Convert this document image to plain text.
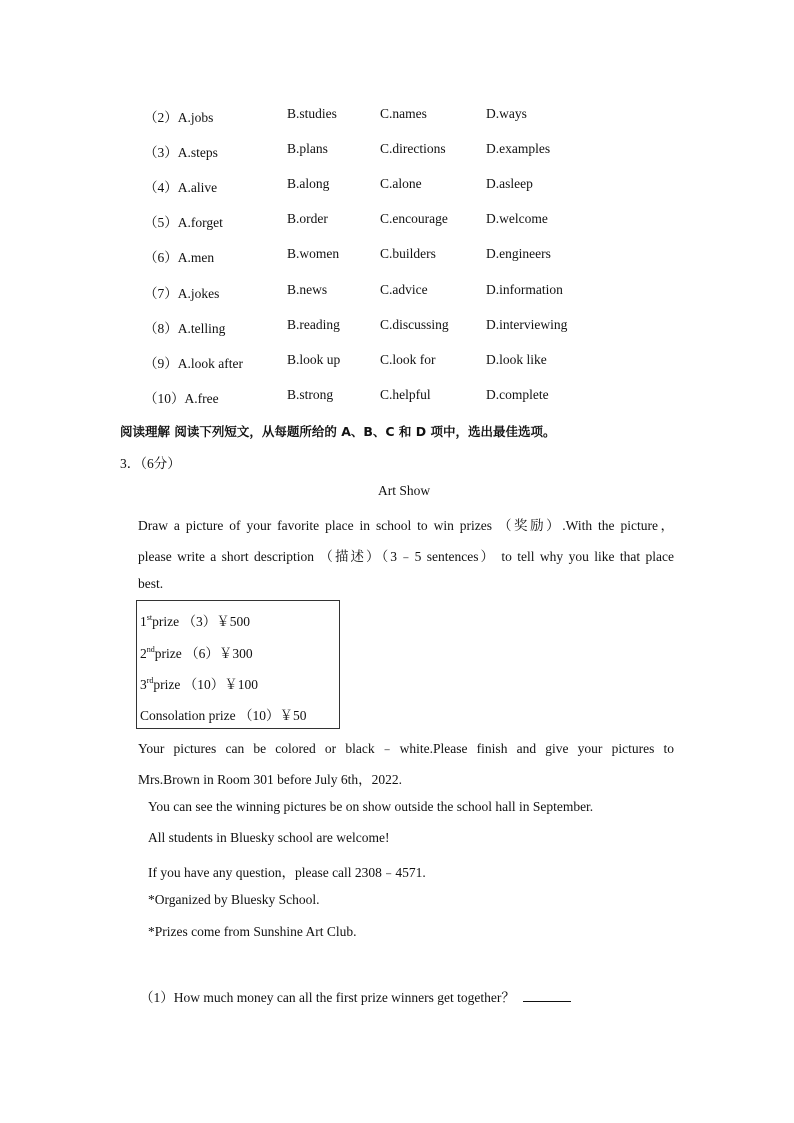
（2）A.jobs	B.studies	C.names	D.ways
（3）A.steps	B.plans	C.directions	D.examples
（4）A.alive	B.along	C.alone	D.asleep
（5）A.forget	B.order	C.encourage	D.welcome
（6）A.men	B.women	C.builders	D.engineers
（7）A.jokes	B.news	C.advice	D.information
（8）A.telling	B.reading	C.discussing	D.interviewing
（9）A.look after	B.look up	C.look for	D.look like
（10）A.free	B.strong	C.helpful	D.complete
阅读理解 阅读下列短文，从每题所给的 A、B、C 和 D 项中，选出最佳选项。
3．（6分）
Art Show
Draw a picture of your favorite place in school to win prizes （奖励）.With the picture，
please write a short description （描述）（3﹣5 sentences） to tell why you like that place
best.
1stprize （3）￥500
2ndprize （6）￥300
3rdprize （10）￥100
Consolation prize （10）￥50
Your pictures can be colored or black﹣white.Please finish and give your pictures to
Mrs.Brown in Room 301 before July 6th，2022.
You can see the winning pictures be on show outside the school hall in September.
All students in Bluesky school are welcome!
If you have any question，please call 2308﹣4571.
*Organized by Bluesky School.
*Prizes come from Sunshine Art Club.
（1）How much money can all the first prize winners get together？
